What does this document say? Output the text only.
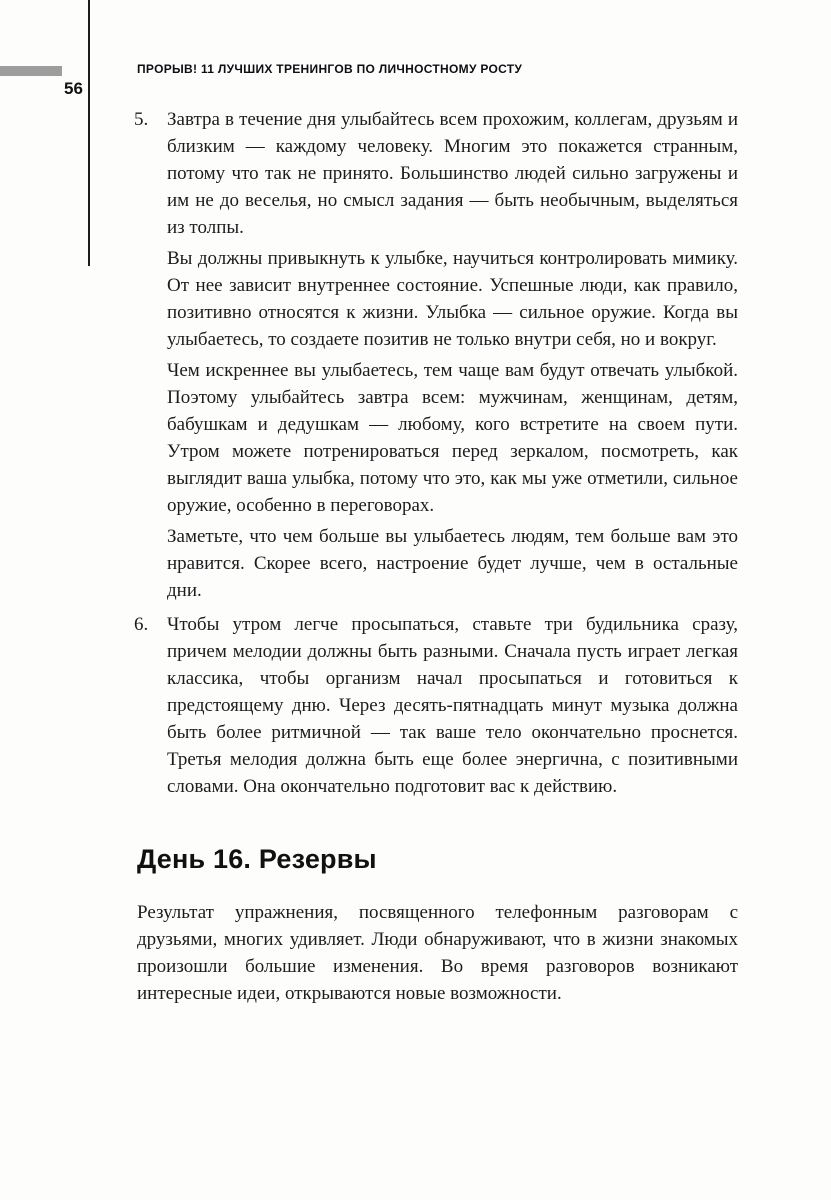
56
ПРОРЫВ! 11 ЛУЧШИХ ТРЕНИНГОВ ПО ЛИЧНОСТНОМУ РОСТУ
5. Завтра в течение дня улыбайтесь всем прохожим, коллегам, друзьям и близким — каждому человеку. Многим это покажется странным, потому что так не принято. Большинство людей сильно загружены и им не до веселья, но смысл задания — быть необычным, выделяться из толпы.

Вы должны привыкнуть к улыбке, научиться контролировать мимику. От нее зависит внутреннее состояние. Успешные люди, как правило, позитивно относятся к жизни. Улыбка — сильное оружие. Когда вы улыбаетесь, то создаете позитив не только внутри себя, но и вокруг.

Чем искреннее вы улыбаетесь, тем чаще вам будут отвечать улыбкой. Поэтому улыбайтесь завтра всем: мужчинам, женщинам, детям, бабушкам и дедушкам — любому, кого встретите на своем пути. Утром можете потренироваться перед зеркалом, посмотреть, как выглядит ваша улыбка, потому что это, как мы уже отметили, сильное оружие, особенно в переговорах.

Заметьте, что чем больше вы улыбаетесь людям, тем больше вам это нравится. Скорее всего, настроение будет лучше, чем в остальные дни.

6. Чтобы утром легче просыпаться, ставьте три будильника сразу, причем мелодии должны быть разными. Сначала пусть играет легкая классика, чтобы организм начал просыпаться и готовиться к предстоящему дню. Через десять-пятнадцать минут музыка должна быть более ритмичной — так ваше тело окончательно проснется. Третья мелодия должна быть еще более энергична, с позитивными словами. Она окончательно подготовит вас к действию.

День 16. Резервы

Результат упражнения, посвященного телефонным разговорам с друзьями, многих удивляет. Люди обнаруживают, что в жизни знакомых произошли большие изменения. Во время разговоров возникают интересные идеи, открываются новые возможности.
